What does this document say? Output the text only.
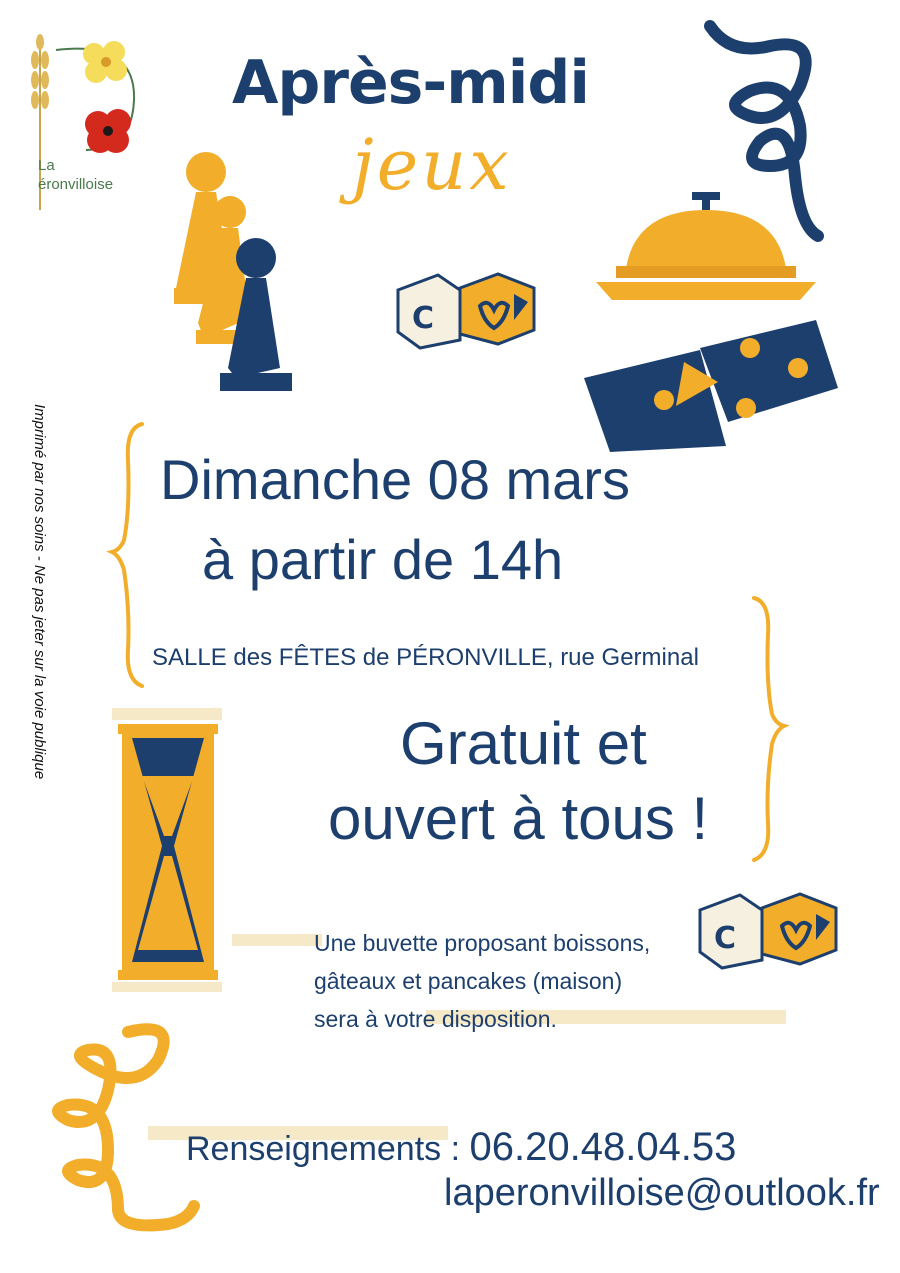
La
éronvilloise
Après-midi
jeux
C
Dimanche 08 mars
à partir de 14h
SALLE des FÊTES de PÉRONVILLE, rue Germinal
Gratuit et
ouvert à tous !
C
Une buvette proposant boissons,
gâteaux et pancakes (maison)
sera à votre disposition.
Renseignements : 06.20.48.04.53
laperonvilloise@outlook.fr
Imprimé par nos soins - Ne pas jeter sur la voie publique
